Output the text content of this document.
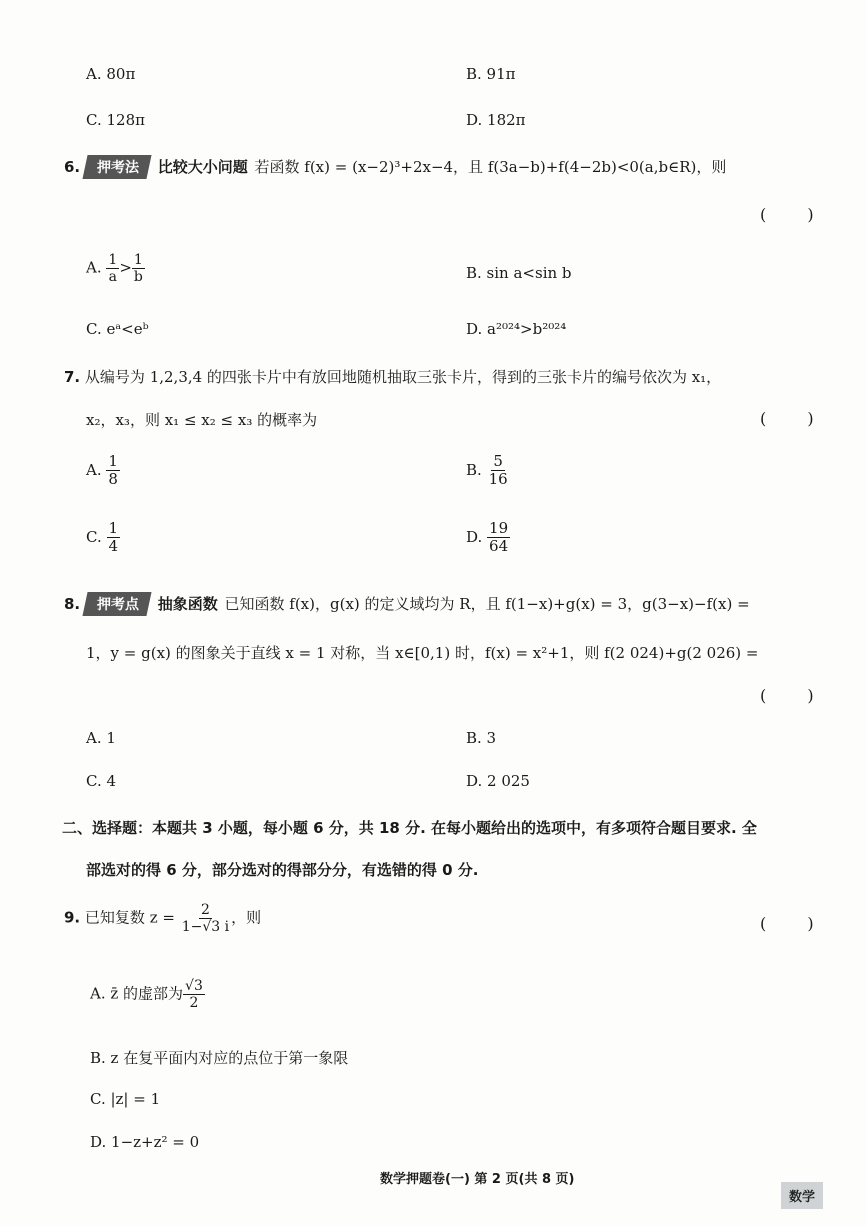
A. 80π	B. 91π
C. 128π	D. 182π
6. 押考法 比较大小问题 若函数 f(x) = (x−2)³+2x−4，且 f(3a−b)+f(4−2b)<0(a,b∈R)，则
( )
A. $\frac{1}{a} > \frac{1}{b}$	B. sin a<sin b
C. eᵃ<eᵇ	D. a²⁰²⁴>b²⁰²⁴
7. 从编号为 1,2,3,4 的四张卡片中有放回地随机抽取三张卡片，得到的三张卡片的编号依次为 x₁，
x₂，x₃，则 x₁ ≤ x₂ ≤ x₃ 的概率为	( )
A. $\frac{1}{8}$	B. $\frac{5}{16}$
C. $\frac{1}{4}$	D. $\frac{19}{64}$
8. 押考点 抽象函数 已知函数 f(x)，g(x) 的定义域均为 R，且 f(1−x)+g(x) = 3，g(3−x)−f(x) =
1，y = g(x) 的图象关于直线 x = 1 对称，当 x∈[0,1) 时，f(x) = x²+1，则 f(2 024)+g(2 026) =
( )
A. 1	B. 3
C. 4	D. 2 025
二、选择题：本题共 3 小题，每小题 6 分，共 18 分. 在每小题给出的选项中，有多项符合题目要求. 全
部选对的得 6 分，部分选对的得部分分，有选错的得 0 分.
9. 已知复数 $z = \frac{2}{1-√3 i}$ ，则	( )
A. z̄ 的虚部为 $\frac{√3}{2}$
B. z 在复平面内对应的点位于第一象限
C. |z| = 1
D. 1−z+z² = 0
数学押题卷(一) 第 2 页(共 8 页)
数学
